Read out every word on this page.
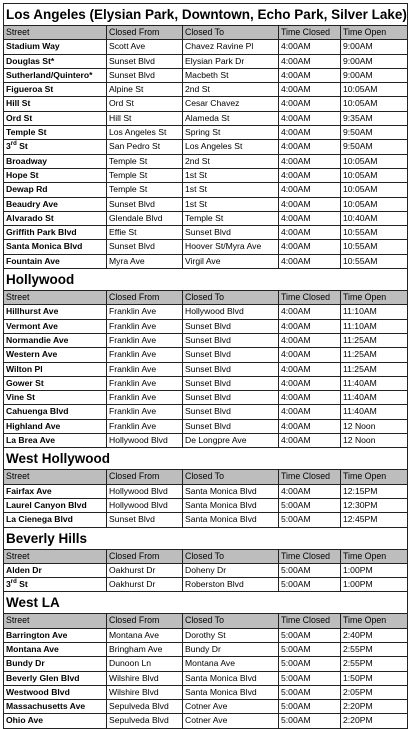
Los Angeles (Elysian Park, Downtown, Echo Park, Silver Lake)				
Street	Closed From	Closed To	Time Closed	Time Open
Stadium Way	Scott Ave	Chavez Ravine Pl	4:00AM	9:00AM
Douglas St*	Sunset Blvd	Elysian Park Dr	4:00AM	9:00AM
Sutherland/Quintero*	Sunset Blvd	Macbeth St	4:00AM	9:00AM
Figueroa St	Alpine St	2nd St	4:00AM	10:05AM
Hill St	Ord St	Cesar Chavez	4:00AM	10:05AM
Ord St	Hill St	Alameda St	4:00AM	9:35AM
Temple St	Los Angeles St	Spring St	4:00AM	9:50AM
3rd St	San Pedro St	Los Angeles St	4:00AM	9:50AM
Broadway	Temple St	2nd St	4:00AM	10:05AM
Hope St	Temple St	1st St	4:00AM	10:05AM
Dewap Rd	Temple St	1st St	4:00AM	10:05AM
Beaudry Ave	Sunset Blvd	1st St	4:00AM	10:05AM
Alvarado St	Glendale Blvd	Temple St	4:00AM	10:40AM
Griffith Park Blvd	Effie St	Sunset Blvd	4:00AM	10:55AM
Santa Monica Blvd	Sunset Blvd	Hoover St/Myra Ave	4:00AM	10:55AM
Fountain Ave	Myra Ave	Virgil Ave	4:00AM	10:55AM
Hollywood				
Street	Closed From	Closed To	Time Closed	Time Open
Hillhurst Ave	Franklin Ave	Hollywood Blvd	4:00AM	11:10AM
Vermont Ave	Franklin Ave	Sunset Blvd	4:00AM	11:10AM
Normandie Ave	Franklin Ave	Sunset Blvd	4:00AM	11:25AM
Western Ave	Franklin Ave	Sunset Blvd	4:00AM	11:25AM
Wilton Pl	Franklin Ave	Sunset Blvd	4:00AM	11:25AM
Gower St	Franklin Ave	Sunset Blvd	4:00AM	11:40AM
Vine St	Franklin Ave	Sunset Blvd	4:00AM	11:40AM
Cahuenga Blvd	Franklin Ave	Sunset Blvd	4:00AM	11:40AM
Highland Ave	Franklin Ave	Sunset Blvd	4:00AM	12 Noon
La Brea Ave	Hollywood Blvd	De Longpre Ave	4:00AM	12 Noon
West Hollywood				
Street	Closed From	Closed To	Time Closed	Time Open
Fairfax Ave	Hollywood Blvd	Santa Monica Blvd	4:00AM	12:15PM
Laurel Canyon Blvd	Hollywood Blvd	Santa Monica Blvd	5:00AM	12:30PM
La Cienega Blvd	Sunset Blvd	Santa Monica Blvd	5:00AM	12:45PM
Beverly Hills				
Street	Closed From	Closed To	Time Closed	Time Open
Alden Dr	Oakhurst Dr	Doheny Dr	5:00AM	1:00PM
3rd St	Oakhurst Dr	Roberston Blvd	5:00AM	1:00PM
West LA				
Street	Closed From	Closed To	Time Closed	Time Open
Barrington Ave	Montana Ave	Dorothy St	5:00AM	2:40PM
Montana Ave	Bringham Ave	Bundy Dr	5:00AM	2:55PM
Bundy Dr	Dunoon Ln	Montana Ave	5:00AM	2:55PM
Beverly Glen Blvd	Wilshire Blvd	Santa Monica Blvd	5:00AM	1:50PM
Westwood Blvd	Wilshire Blvd	Santa Monica Blvd	5:00AM	2:05PM
Massachusetts Ave	Sepulveda Blvd	Cotner Ave	5:00AM	2:20PM
Ohio Ave	Sepulveda Blvd	Cotner Ave	5:00AM	2:20PM
